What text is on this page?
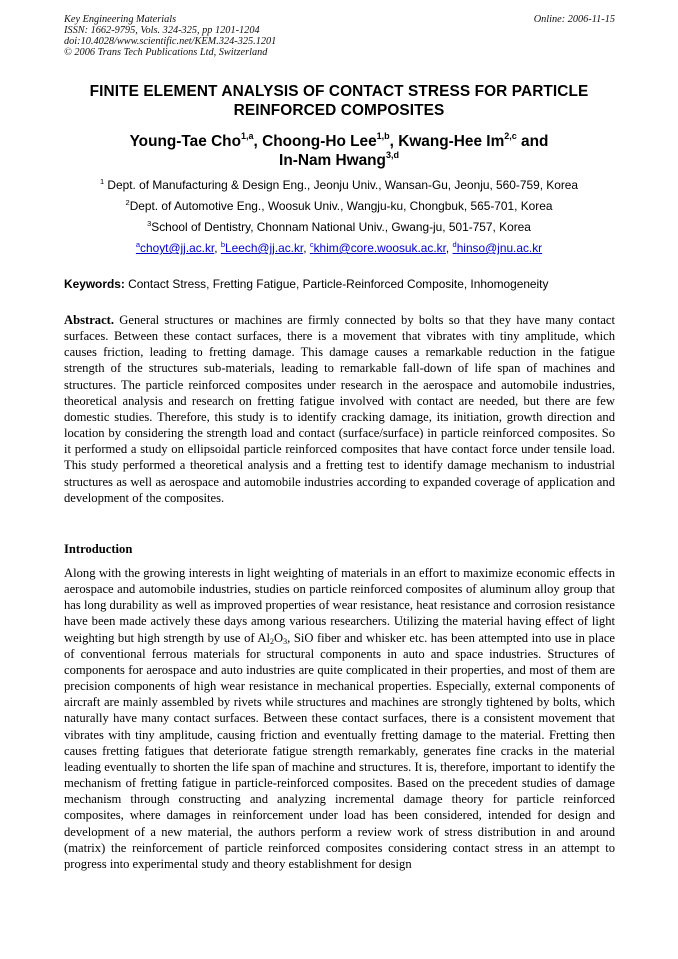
Key Engineering Materials
ISSN: 1662-9795, Vols. 324-325, pp 1201-1204
doi:10.4028/www.scientific.net/KEM.324-325.1201
© 2006 Trans Tech Publications Ltd, Switzerland
Online: 2006-11-15
FINITE ELEMENT ANALYSIS OF CONTACT STRESS FOR PARTICLE
REINFORCED COMPOSITES
Young-Tae Cho$^{1,a}$, Choong-Ho Lee$^{1,b}$, Kwang-Hee Im$^{2,c}$ and
In-Nam Hwang$^{3,d}$
$^1$ Dept. of Manufacturing & Design Eng., Jeonju Univ., Wansan-Gu, Jeonju, 560-759, Korea
$^2$Dept. of Automotive Eng., Woosuk Univ., Wangju-ku, Chongbuk, 565-701, Korea
$^3$School of Dentistry, Chonnam National Univ., Gwang-ju, 501-757, Korea
$^a$choyt@jj.ac.kr, $^b$Leech@jj.ac.kr, $^c$khim@core.woosuk.ac.kr, $^d$hinso@jnu.ac.kr
Keywords: Contact Stress, Fretting Fatigue, Particle-Reinforced Composite, Inhomogeneity
Abstract. General structures or machines are firmly connected by bolts so that they have many contact surfaces. Between these contact surfaces, there is a movement that vibrates with tiny amplitude, which causes friction, leading to fretting damage. This damage causes a remarkable reduction in the fatigue strength of the structures sub-materials, leading to remarkable fall-down of life span of machines and structures. The particle reinforced composites under research in the aerospace and automobile industries, theoretical analysis and research on fretting fatigue involved with contact are needed, but there are few domestic studies. Therefore, this study is to identify cracking damage, its initiation, growth direction and location by considering the strength load and contact (surface/surface) in particle reinforced composites. So it performed a study on ellipsoidal particle reinforced composites that have contact force under tensile load. This study performed a theoretical analysis and a fretting test to identify damage mechanism to industrial structures as well as aerospace and automobile industries according to expanded coverage of application and development of the composites.
Introduction
Along with the growing interests in light weighting of materials in an effort to maximize economic effects in aerospace and automobile industries, studies on particle reinforced composites of aluminum alloy group that has long durability as well as improved properties of wear resistance, heat resistance and corrosion resistance have been made actively these days among various researchers. Utilizing the material having effect of light weighting but high strength by use of $Al_2O_3$, SiO fiber and whisker etc. has been attempted into use in place of conventional ferrous materials for structural components in auto and space industries. Structures of components for aerospace and auto industries are quite complicated in their properties, and most of them are precision components of high wear resistance in mechanical properties. Especially, external components of aircraft are mainly assembled by rivets while structures and machines are strongly tightened by bolts, which naturally have many contact surfaces. Between these contact surfaces, there is a consistent movement that vibrates with tiny amplitude, causing friction and eventually fretting damage to the material. Fretting then causes fretting fatigues that deteriorate fatigue strength remarkably, generates fine cracks in the material leading eventually to shorten the life span of machine and structures. It is, therefore, important to identify the mechanism of fretting fatigue in particle-reinforced composites. Based on the precedent studies of damage mechanism through constructing and analyzing incremental damage theory for particle reinforced composites, where damages in reinforcement under load has been considered, intended for design and development of a new material, the authors perform a review work of stress distribution in and around (matrix) the reinforcement of particle reinforced composites considering contact stress in an attempt to progress into experimental study and theory establishment for design
